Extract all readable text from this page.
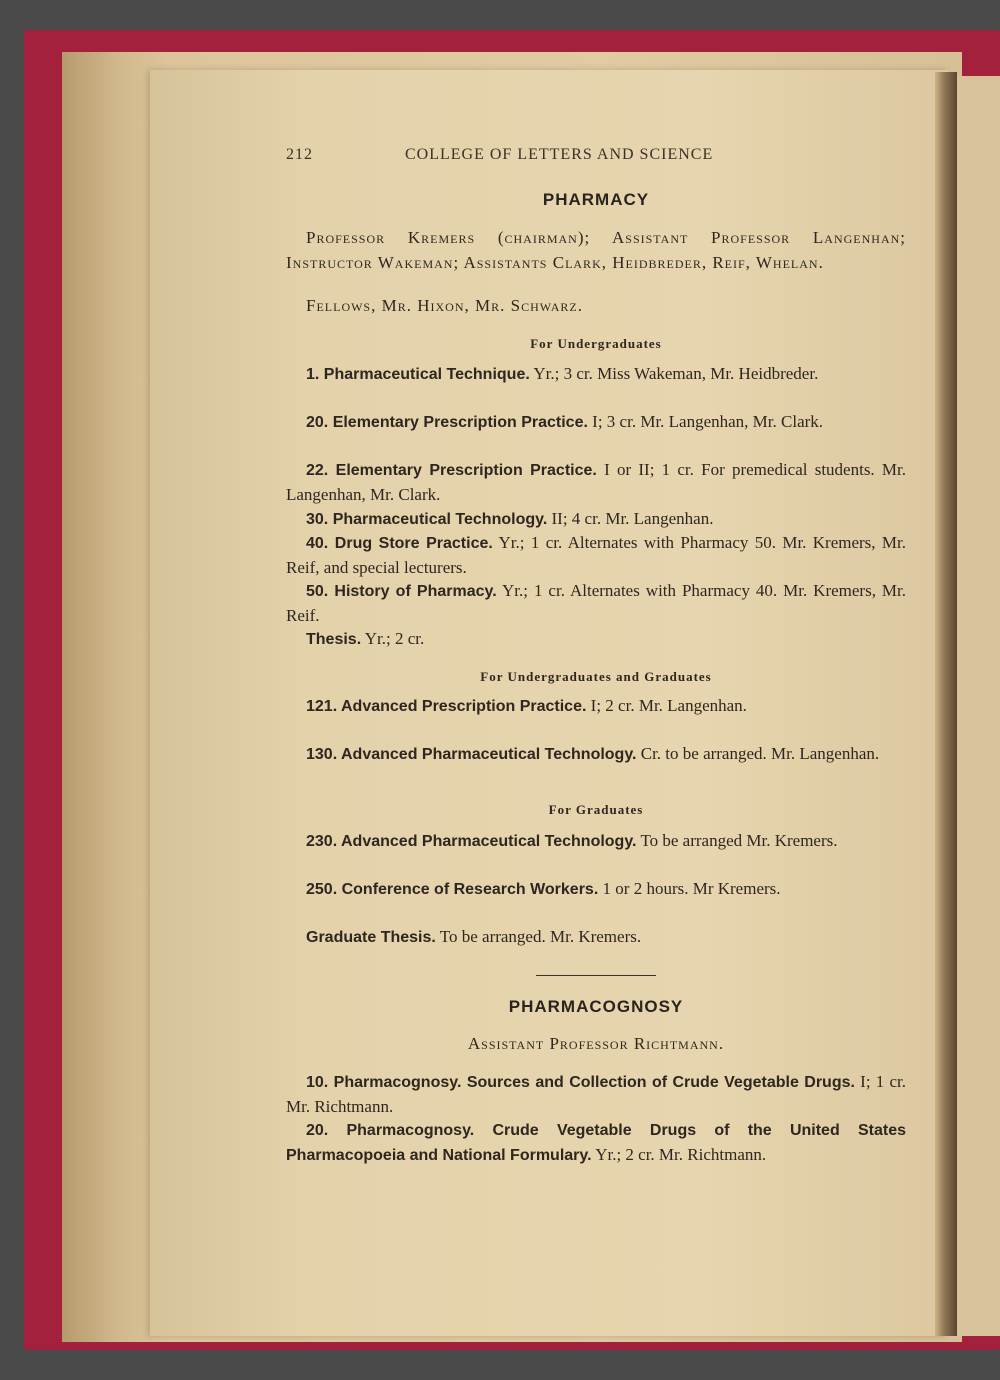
212	COLLEGE OF LETTERS AND SCIENCE
PHARMACY
Professor Kremers (chairman); Assistant Professor Langenhan; Instructor Wakeman; Assistants Clark, Heidbreder, Reif, Whelan.
Fellows, Mr. Hixon, Mr. Schwarz.
For Undergraduates
1. Pharmaceutical Technique. Yr.; 3 cr. Miss Wakeman, Mr. Heidbreder.
20. Elementary Prescription Practice. I; 3 cr. Mr. Langenhan, Mr. Clark.
22. Elementary Prescription Practice. I or II; 1 cr. For premedical students. Mr. Langenhan, Mr. Clark.
30. Pharmaceutical Technology. II; 4 cr. Mr. Langenhan.
40. Drug Store Practice. Yr.; 1 cr. Alternates with Pharmacy 50. Mr. Kremers, Mr. Reif, and special lecturers.
50. History of Pharmacy. Yr.; 1 cr. Alternates with Pharmacy 40. Mr. Kremers, Mr. Reif.
Thesis. Yr.; 2 cr.
For Undergraduates and Graduates
121. Advanced Prescription Practice. I; 2 cr. Mr. Langenhan.
130. Advanced Pharmaceutical Technology. Cr. to be arranged. Mr. Langenhan.
For Graduates
230. Advanced Pharmaceutical Technology. To be arranged Mr. Kremers.
250. Conference of Research Workers. 1 or 2 hours. Mr Kremers.
Graduate Thesis. To be arranged. Mr. Kremers.
PHARMACOGNOSY
Assistant Professor Richtmann.
10. Pharmacognosy. Sources and Collection of Crude Vegetable Drugs. I; 1 cr. Mr. Richtmann.
20. Pharmacognosy. Crude Vegetable Drugs of the United States Pharmacopoeia and National Formulary. Yr.; 2 cr. Mr. Richtmann.
